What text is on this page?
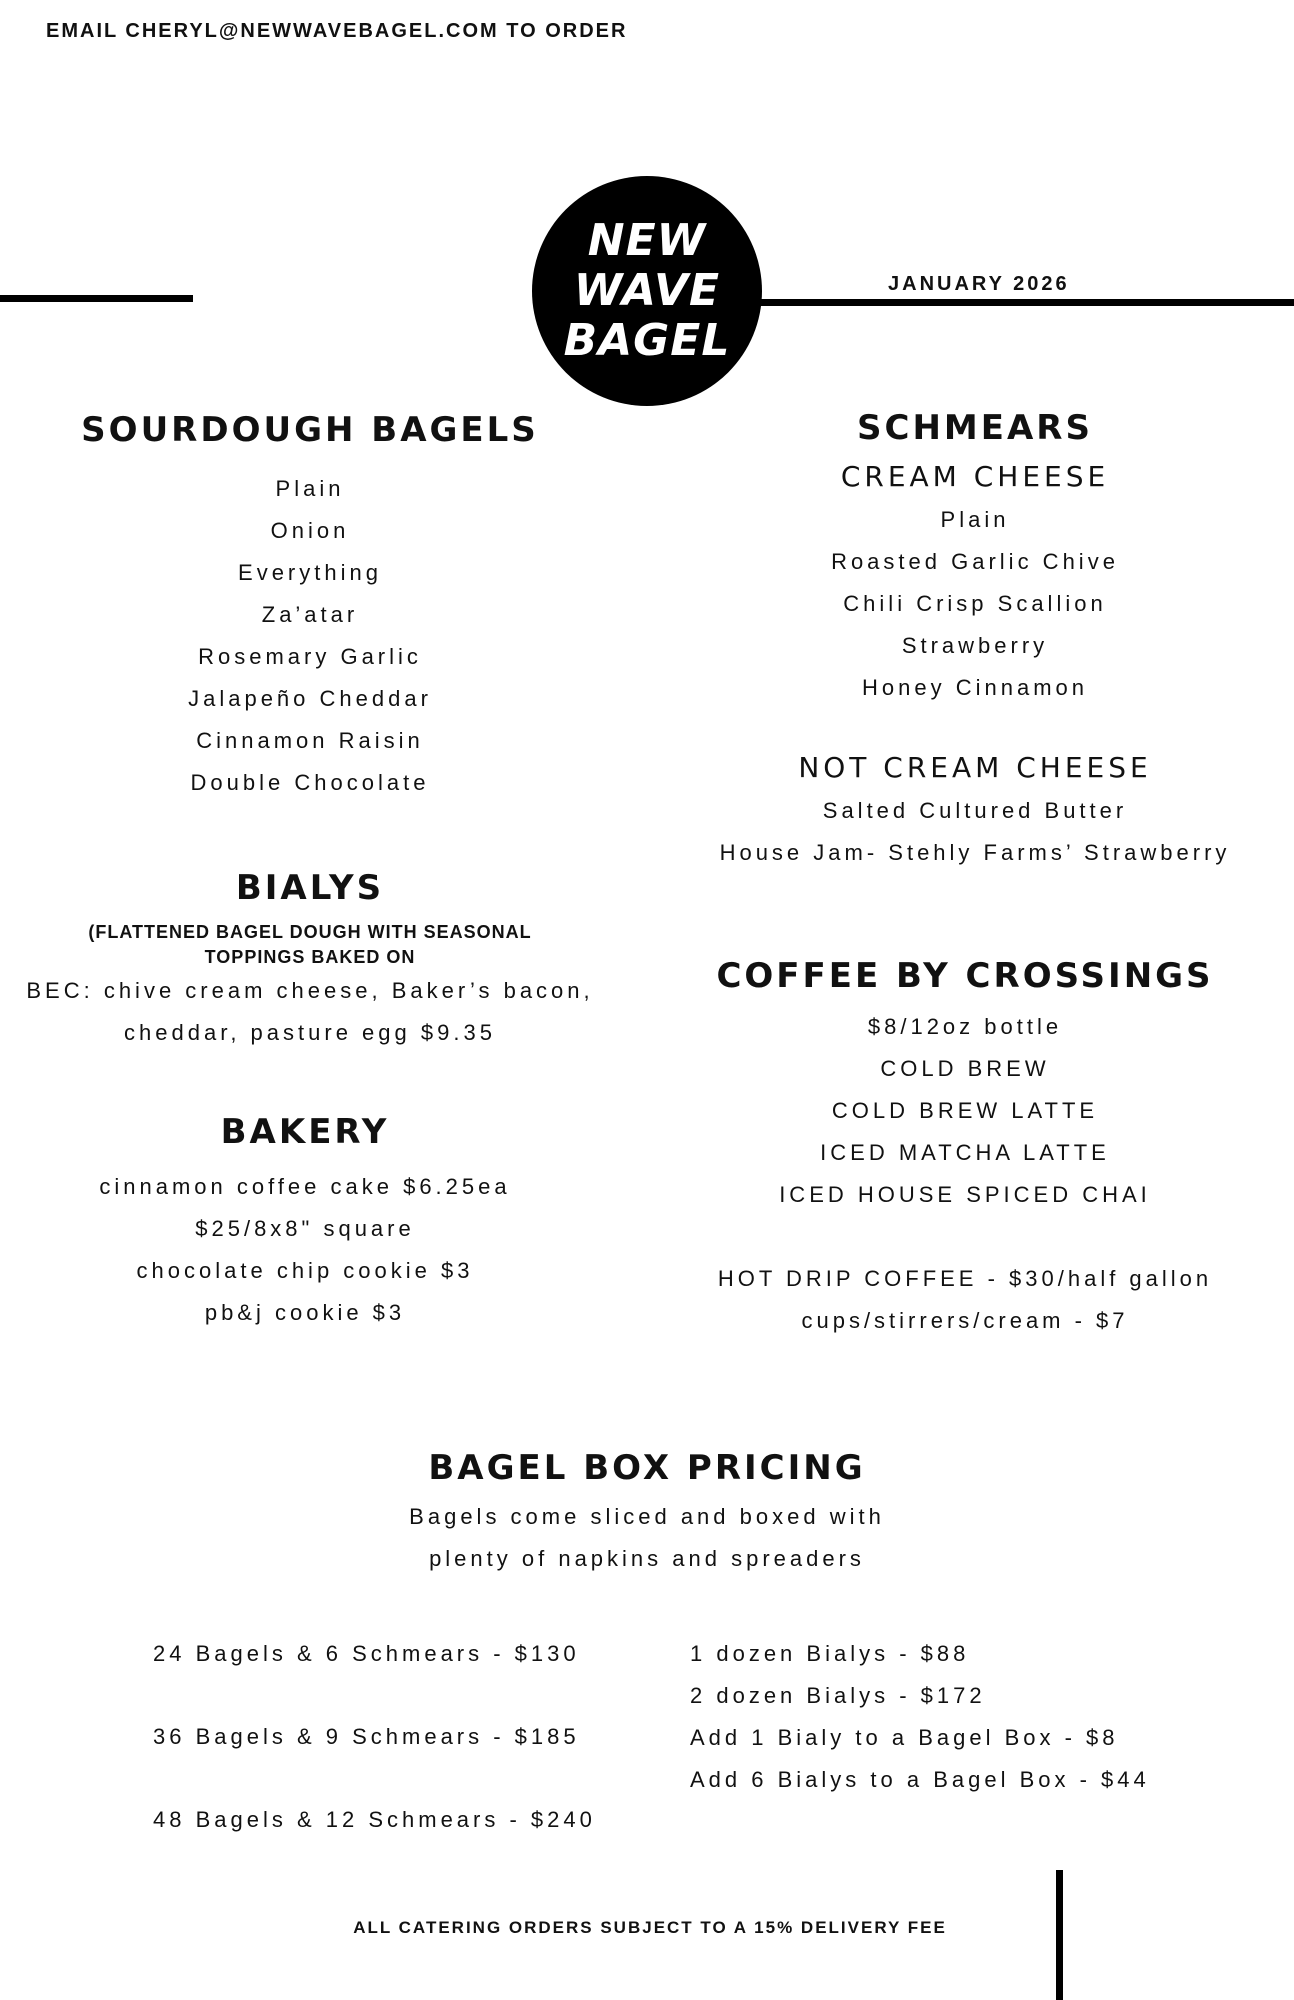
EMAIL CHERYL@NEWWAVEBAGEL.COM TO ORDER
NEW
WAVE
BAGEL
JANUARY 2026
SOURDOUGH BAGELS
Plain
Onion
Everything
Za’atar
Rosemary Garlic
Jalapeño Cheddar
Cinnamon Raisin
Double Chocolate
BIALYS
(FLATTENED BAGEL DOUGH WITH SEASONAL
TOPPINGS BAKED ON
BEC: chive cream cheese, Baker’s bacon,
cheddar, pasture egg $9.35
BAKERY
cinnamon coffee cake $6.25ea
$25/8x8" square
chocolate chip cookie $3
pb&j cookie $3
SCHMEARS
CREAM CHEESE
Plain
Roasted Garlic Chive
Chili Crisp Scallion
Strawberry
Honey Cinnamon
NOT CREAM CHEESE
Salted Cultured Butter
House Jam- Stehly Farms’ Strawberry
COFFEE BY CROSSINGS
$8/12oz bottle
COLD BREW
COLD BREW LATTE
ICED MATCHA LATTE
ICED HOUSE SPICED CHAI
HOT DRIP COFFEE - $30/half gallon
cups/stirrers/cream - $7
BAGEL BOX PRICING
Bagels come sliced and boxed with
plenty of napkins and spreaders
24 Bagels & 6 Schmears - $130
36 Bagels & 9 Schmears - $185
48 Bagels & 12 Schmears - $240
1 dozen Bialys - $88
2 dozen Bialys - $172
Add 1 Bialy to a Bagel Box - $8
Add 6 Bialys to a Bagel Box - $44
ALL CATERING ORDERS SUBJECT TO A 15% DELIVERY FEE
